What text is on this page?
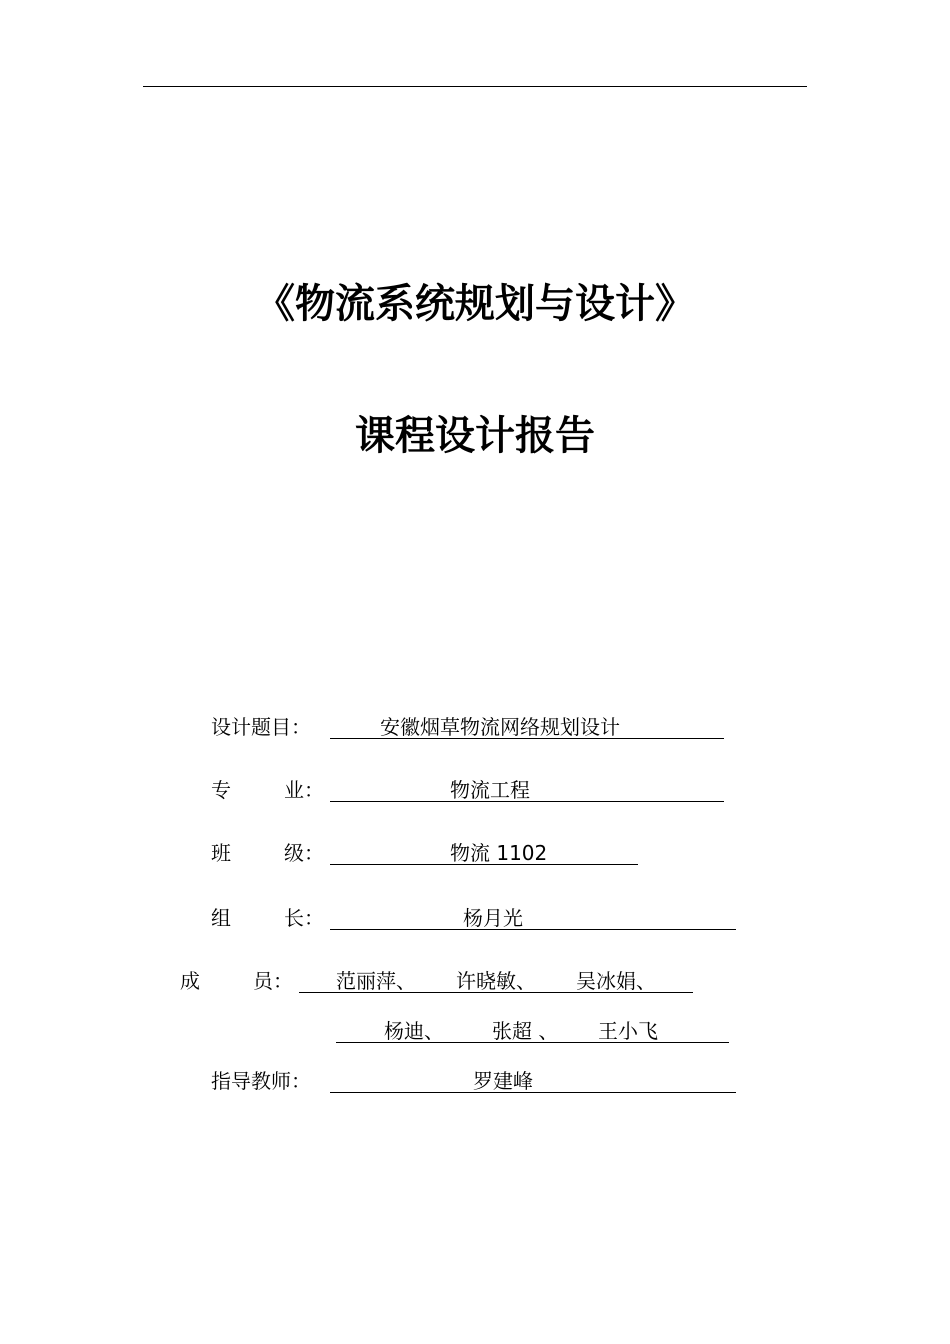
《物流系统规划与设计》
课程设计报告
设计题目：	安徽烟草物流网络规划设计
专	业：	物流工程
班	级：	物流 1102
组	长：	杨月光
成	员： 范丽萍、 许晓敏、 吴冰娟、
杨迪、 张超 、 王小飞
指导教师：	罗建峰
